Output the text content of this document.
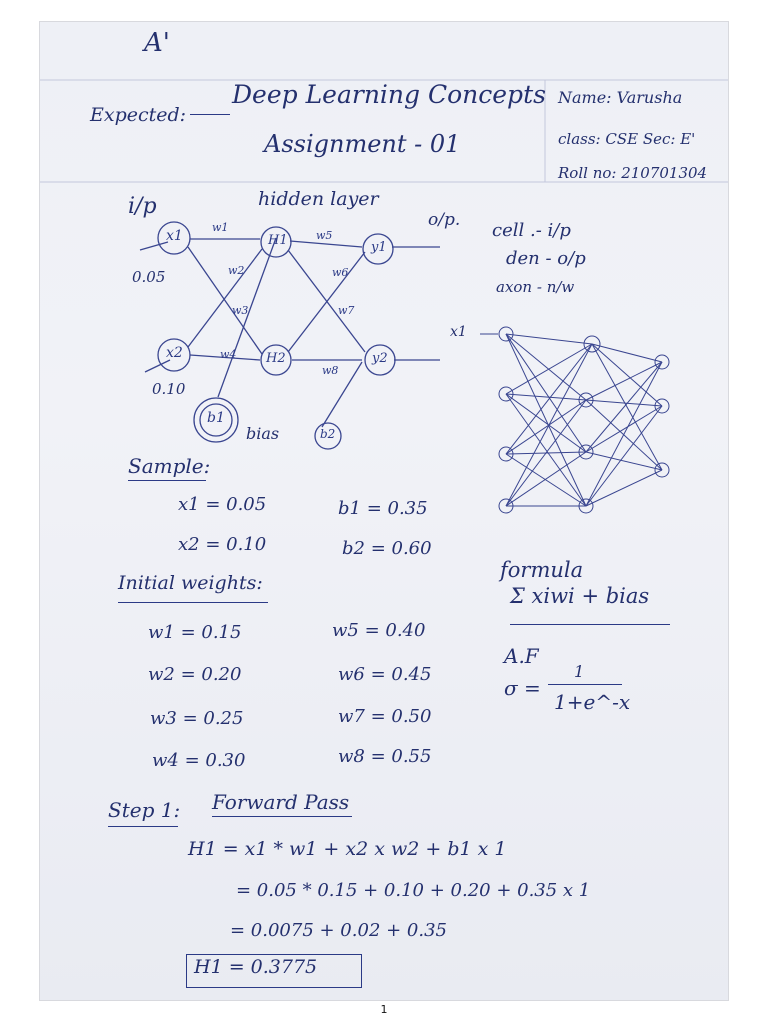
A'
Expected:
Deep Learning Concepts
Assignment - 01
Name: Varusha
class: CSE Sec: E'
Roll no: 210701304
i/p	hidden layer
o/p.
x1
x2
H1
H2
y1
y2
b1
b2
w1
w2
w3
w4
w5
w6
w7
w8
0.05
0.10
bias
cell .- i/p
den - o/p
axon - n/w
x1
Sample:
x1 = 0.05
x2 = 0.10
b1 = 0.35
b2 = 0.60
formula
Σ xiwi + bias
A.F
σ =
1
1+e^-x
Initial weights:
w1 = 0.15
w2 = 0.20
w3 = 0.25
w4 = 0.30
w5 = 0.40
w6 = 0.45
w7 = 0.50
w8 = 0.55
Step 1: Forward Pass
H1 = x1 * w1 + x2 x w2 + b1 x 1
= 0.05 * 0.15 + 0.10 + 0.20 + 0.35 x 1
= 0.0075 + 0.02 + 0.35
H1 = 0.3775
1
